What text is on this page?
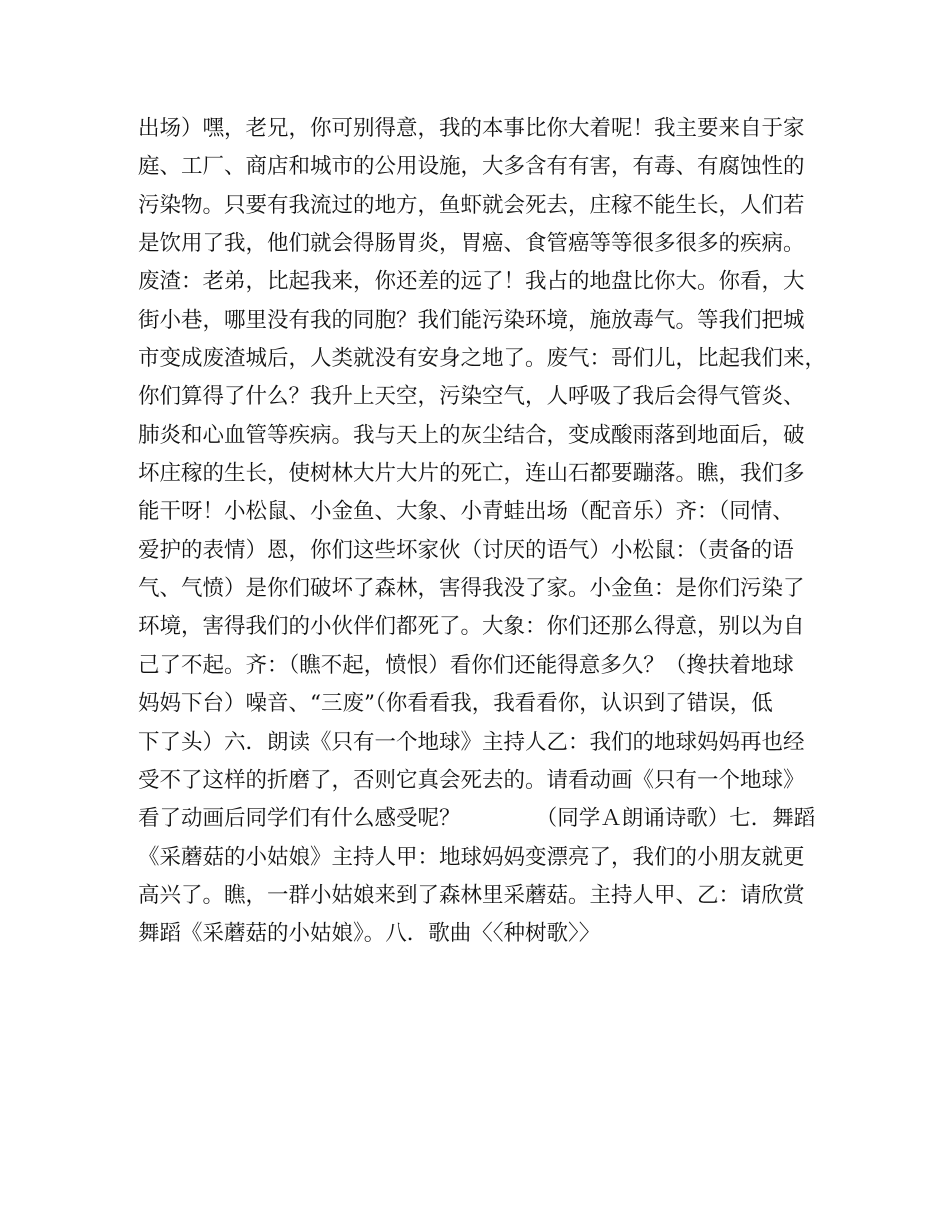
出场）嘿，老兄，你可别得意，我的本事比你大着呢！我主要来自于家
庭、工厂、商店和城市的公用设施，大多含有有害，有毒、有腐蚀性的
污染物。只要有我流过的地方，鱼虾就会死去，庄稼不能生长，人们若
是饮用了我，他们就会得肠胃炎，胃癌、食管癌等等很多很多的疾病。
废渣：老弟，比起我来，你还差的远了！我占的地盘比你大。你看，大
街小巷，哪里没有我的同胞？我们能污染环境，施放毒气。等我们把城
市变成废渣城后，人类就没有安身之地了。废气：哥们儿，比起我们来，
你们算得了什么？我升上天空，污染空气，人呼吸了我后会得气管炎、
肺炎和心血管等疾病。我与天上的灰尘结合，变成酸雨落到地面后，破
坏庄稼的生长，使树林大片大片的死亡，连山石都要蹦落。瞧，我们多
能干呀！小松鼠、小金鱼、大象、小青蛙出场（配音乐）齐：（同情、
爱护的表情）恩，你们这些坏家伙（讨厌的语气）小松鼠：（责备的语
气、气愤）是你们破坏了森林，害得我没了家。小金鱼：是你们污染了
环境，害得我们的小伙伴们都死了。大象：你们还那么得意，别以为自
己了不起。齐：（瞧不起，愤恨）看你们还能得意多久？（搀扶着地球
妈妈下台）噪音、“三废”（你看看我，我看看你，认识到了错误，低
下了头）六．朗读《只有一个地球》主持人乙：我们的地球妈妈再也经
受不了这样的折磨了，否则它真会死去的。请看动画《只有一个地球》
看了动画后同学们有什么感受呢？　　　　（同学Ａ朗诵诗歌）七．舞蹈
《采蘑菇的小姑娘》主持人甲：地球妈妈变漂亮了，我们的小朋友就更
高兴了。瞧，一群小姑娘来到了森林里采蘑菇。主持人甲、乙：请欣赏
舞蹈《采蘑菇的小姑娘》。八．歌曲〈〈种树歌〉〉
